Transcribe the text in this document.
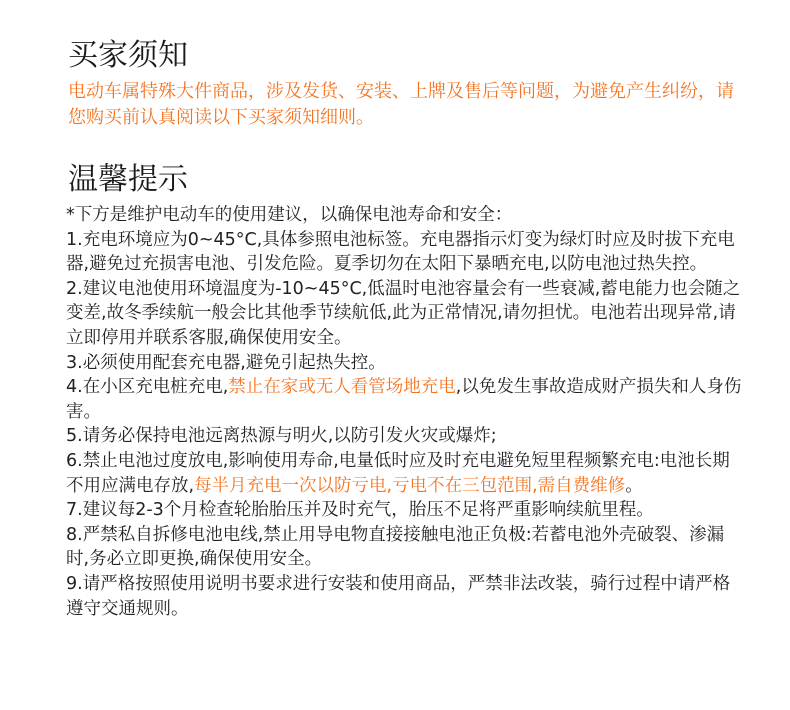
买家须知
电动车属特殊大件商品，涉及发货、安装、上牌及售后等问题，为避免产生纠纷，请您购买前认真阅读以下买家须知细则。
温馨提示

*下方是维护电动车的使用建议，以确保电池寿命和安全：

1.充电环境应为0~45°C,具体参照电池标签。充电器指示灯变为绿灯时应及时拔下充电器,避免过充损害电池、引发危险。夏季切勿在太阳下暴晒充电,以防电池过热失控。

2.建议电池使用环境温度为-10~45°C,低温时电池容量会有一些衰减,蓄电能力也会随之变差,故冬季续航一般会比其他季节续航低,此为正常情况,请勿担忧。电池若出现异常,请立即停用并联系客服,确保使用安全。

3.必须使用配套充电器,避免引起热失控。

4.在小区充电桩充电,禁止在家或无人看管场地充电,以免发生事故造成财产损失和人身伤害。

5.请务必保持电池远离热源与明火,以防引发火灾或爆炸;

6.禁止电池过度放电,影响使用寿命,电量低时应及时充电避免短里程频繁充电:电池长期不用应满电存放,每半月充电一次以防亏电,亏电不在三包范围,需自费维修。

7.建议每2-3个月检查轮胎胎压并及时充气，胎压不足将严重影响续航里程。

8.严禁私自拆修电池电线,禁止用导电物直接接触电池正负极:若蓄电池外壳破裂、渗漏时,务必立即更换,确保使用安全。

9.请严格按照使用说明书要求进行安装和使用商品，严禁非法改装，骑行过程中请严格遵守交通规则。
